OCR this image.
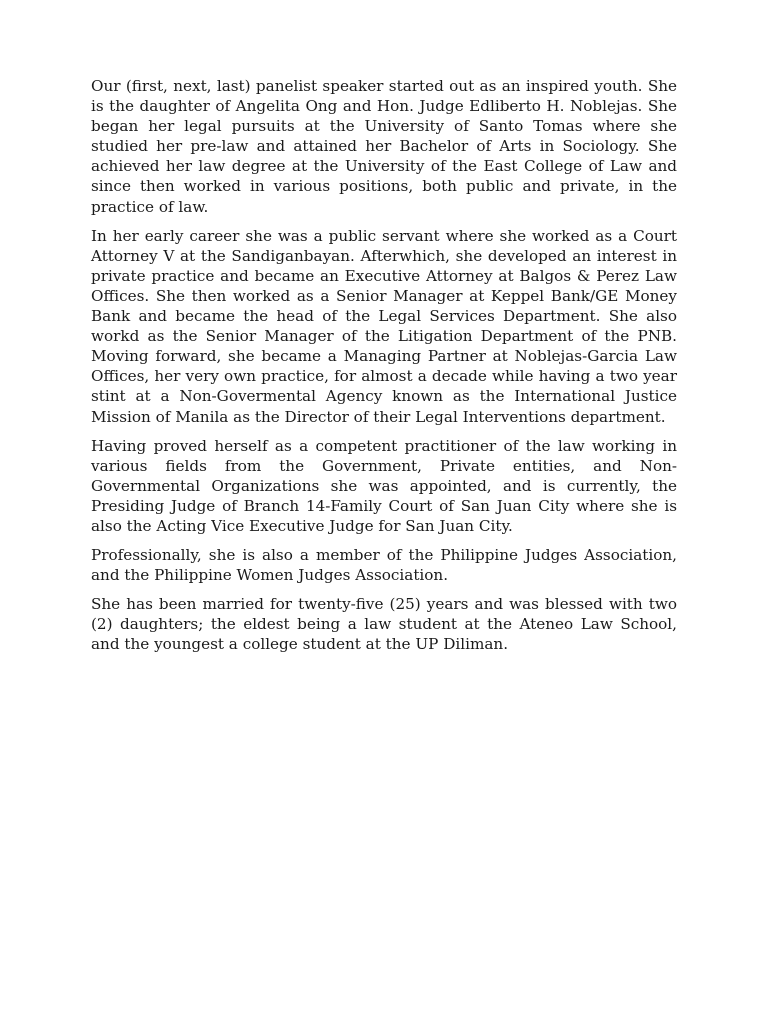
Our (first, next, last) panelist speaker started out as an inspired youth. She is the daughter of Angelita Ong and Hon. Judge Edliberto H. Noblejas. She began her legal pursuits at the University of Santo Tomas where she studied her pre-law and attained her Bachelor of Arts in Sociology. She achieved her law degree at the University of the East College of Law and since then worked in various positions, both public and private, in the practice of law.

In her early career she was a public servant where she worked as a Court Attorney V at the Sandiganbayan. Afterwhich, she developed an interest in private practice and became an Executive Attorney at Balgos & Perez Law Offices. She then worked as a Senior Manager at Keppel Bank/GE Money Bank and became the head of the Legal Services Department. She also workd as the Senior Manager of the Litigation Department of the PNB. Moving forward, she became a Managing Partner at Noblejas-Garcia Law Offices, her very own practice, for almost a decade while having a two year stint at a Non-Govermental Agency known as the International Justice Mission of Manila as the Director of their Legal Interventions department.

Having proved herself as a competent practitioner of the law working in various fields from the Government, Private entities, and Non-Governmental Organizations she was appointed, and is currently, the Presiding Judge of Branch 14-Family Court of San Juan City where she is also the Acting Vice Executive Judge for San Juan City.

Professionally, she is also a member of the Philippine Judges Association, and the Philippine Women Judges Association.

She has been married for twenty-five (25) years and was blessed with two (2) daughters; the eldest being a law student at the Ateneo Law School, and the youngest a college student at the UP Diliman.
